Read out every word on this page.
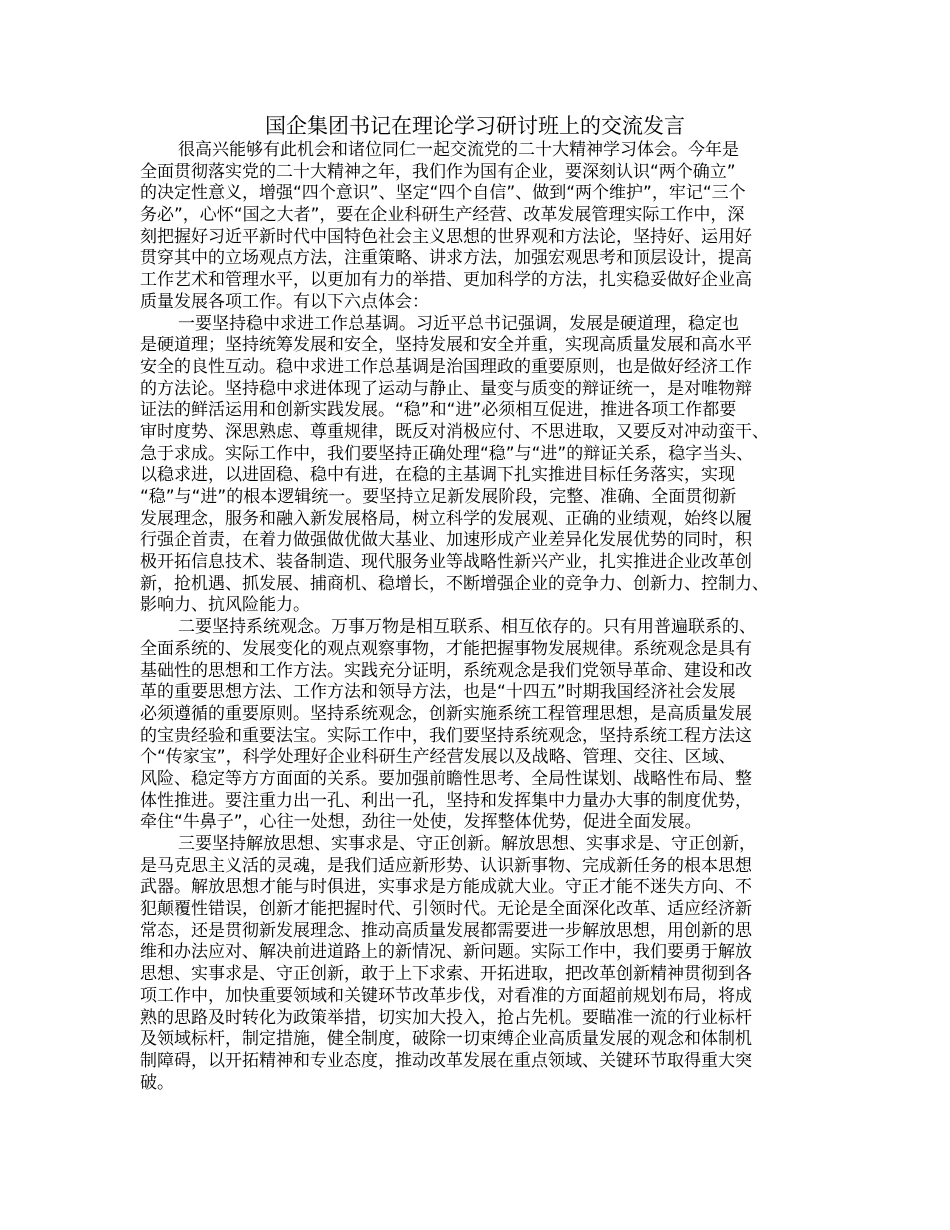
国企集团书记在理论学习研讨班上的交流发言
很高兴能够有此机会和诸位同仁一起交流党的二十大精神学习体会。今年是
全面贯彻落实党的二十大精神之年，我们作为国有企业，要深刻认识“两个确立”
的决定性意义，增强“四个意识”、坚定“四个自信”、做到“两个维护”，牢记“三个
务必”，心怀“国之大者”，要在企业科研生产经营、改革发展管理实际工作中，深
刻把握好习近平新时代中国特色社会主义思想的世界观和方法论，坚持好、运用好
贯穿其中的立场观点方法，注重策略、讲求方法，加强宏观思考和顶层设计，提高
工作艺术和管理水平，以更加有力的举措、更加科学的方法，扎实稳妥做好企业高
质量发展各项工作。有以下六点体会：
一要坚持稳中求进工作总基调。习近平总书记强调，发展是硬道理，稳定也
是硬道理；坚持统筹发展和安全，坚持发展和安全并重，实现高质量发展和高水平
安全的良性互动。稳中求进工作总基调是治国理政的重要原则，也是做好经济工作
的方法论。坚持稳中求进体现了运动与静止、量变与质变的辩证统一，是对唯物辩
证法的鲜活运用和创新实践发展。“稳”和“进”必须相互促进，推进各项工作都要
审时度势、深思熟虑、尊重规律，既反对消极应付、不思进取，又要反对冲动蛮干、
急于求成。实际工作中，我们要坚持正确处理“稳”与“进”的辩证关系，稳字当头、
以稳求进，以进固稳、稳中有进，在稳的主基调下扎实推进目标任务落实，实现
“稳”与“进”的根本逻辑统一。要坚持立足新发展阶段，完整、准确、全面贯彻新
发展理念，服务和融入新发展格局，树立科学的发展观、正确的业绩观，始终以履
行强企首责，在着力做强做优做大基业、加速形成产业差异化发展优势的同时，积
极开拓信息技术、装备制造、现代服务业等战略性新兴产业，扎实推进企业改革创
新，抢机遇、抓发展、捕商机、稳增长，不断增强企业的竞争力、创新力、控制力、
影响力、抗风险能力。
二要坚持系统观念。万事万物是相互联系、相互依存的。只有用普遍联系的、
全面系统的、发展变化的观点观察事物，才能把握事物发展规律。系统观念是具有
基础性的思想和工作方法。实践充分证明，系统观念是我们党领导革命、建设和改
革的重要思想方法、工作方法和领导方法，也是“十四五”时期我国经济社会发展
必须遵循的重要原则。坚持系统观念，创新实施系统工程管理思想，是高质量发展
的宝贵经验和重要法宝。实际工作中，我们要坚持系统观念，坚持系统工程方法这
个“传家宝”，科学处理好企业科研生产经营发展以及战略、管理、交往、区域、
风险、稳定等方方面面的关系。要加强前瞻性思考、全局性谋划、战略性布局、整
体性推进。要注重力出一孔、利出一孔，坚持和发挥集中力量办大事的制度优势，
牵住“牛鼻子”，心往一处想，劲往一处使，发挥整体优势，促进全面发展。
三要坚持解放思想、实事求是、守正创新。解放思想、实事求是、守正创新，
是马克思主义活的灵魂，是我们适应新形势、认识新事物、完成新任务的根本思想
武器。解放思想才能与时俱进，实事求是方能成就大业。守正才能不迷失方向、不
犯颠覆性错误，创新才能把握时代、引领时代。无论是全面深化改革、适应经济新
常态，还是贯彻新发展理念、推动高质量发展都需要进一步解放思想，用创新的思
维和办法应对、解决前进道路上的新情况、新问题。实际工作中，我们要勇于解放
思想、实事求是、守正创新，敢于上下求索、开拓进取，把改革创新精神贯彻到各
项工作中，加快重要领域和关键环节改革步伐，对看准的方面超前规划布局，将成
熟的思路及时转化为政策举措，切实加大投入，抢占先机。要瞄准一流的行业标杆
及领域标杆，制定措施，健全制度，破除一切束缚企业高质量发展的观念和体制机
制障碍，以开拓精神和专业态度，推动改革发展在重点领域、关键环节取得重大突
破。
